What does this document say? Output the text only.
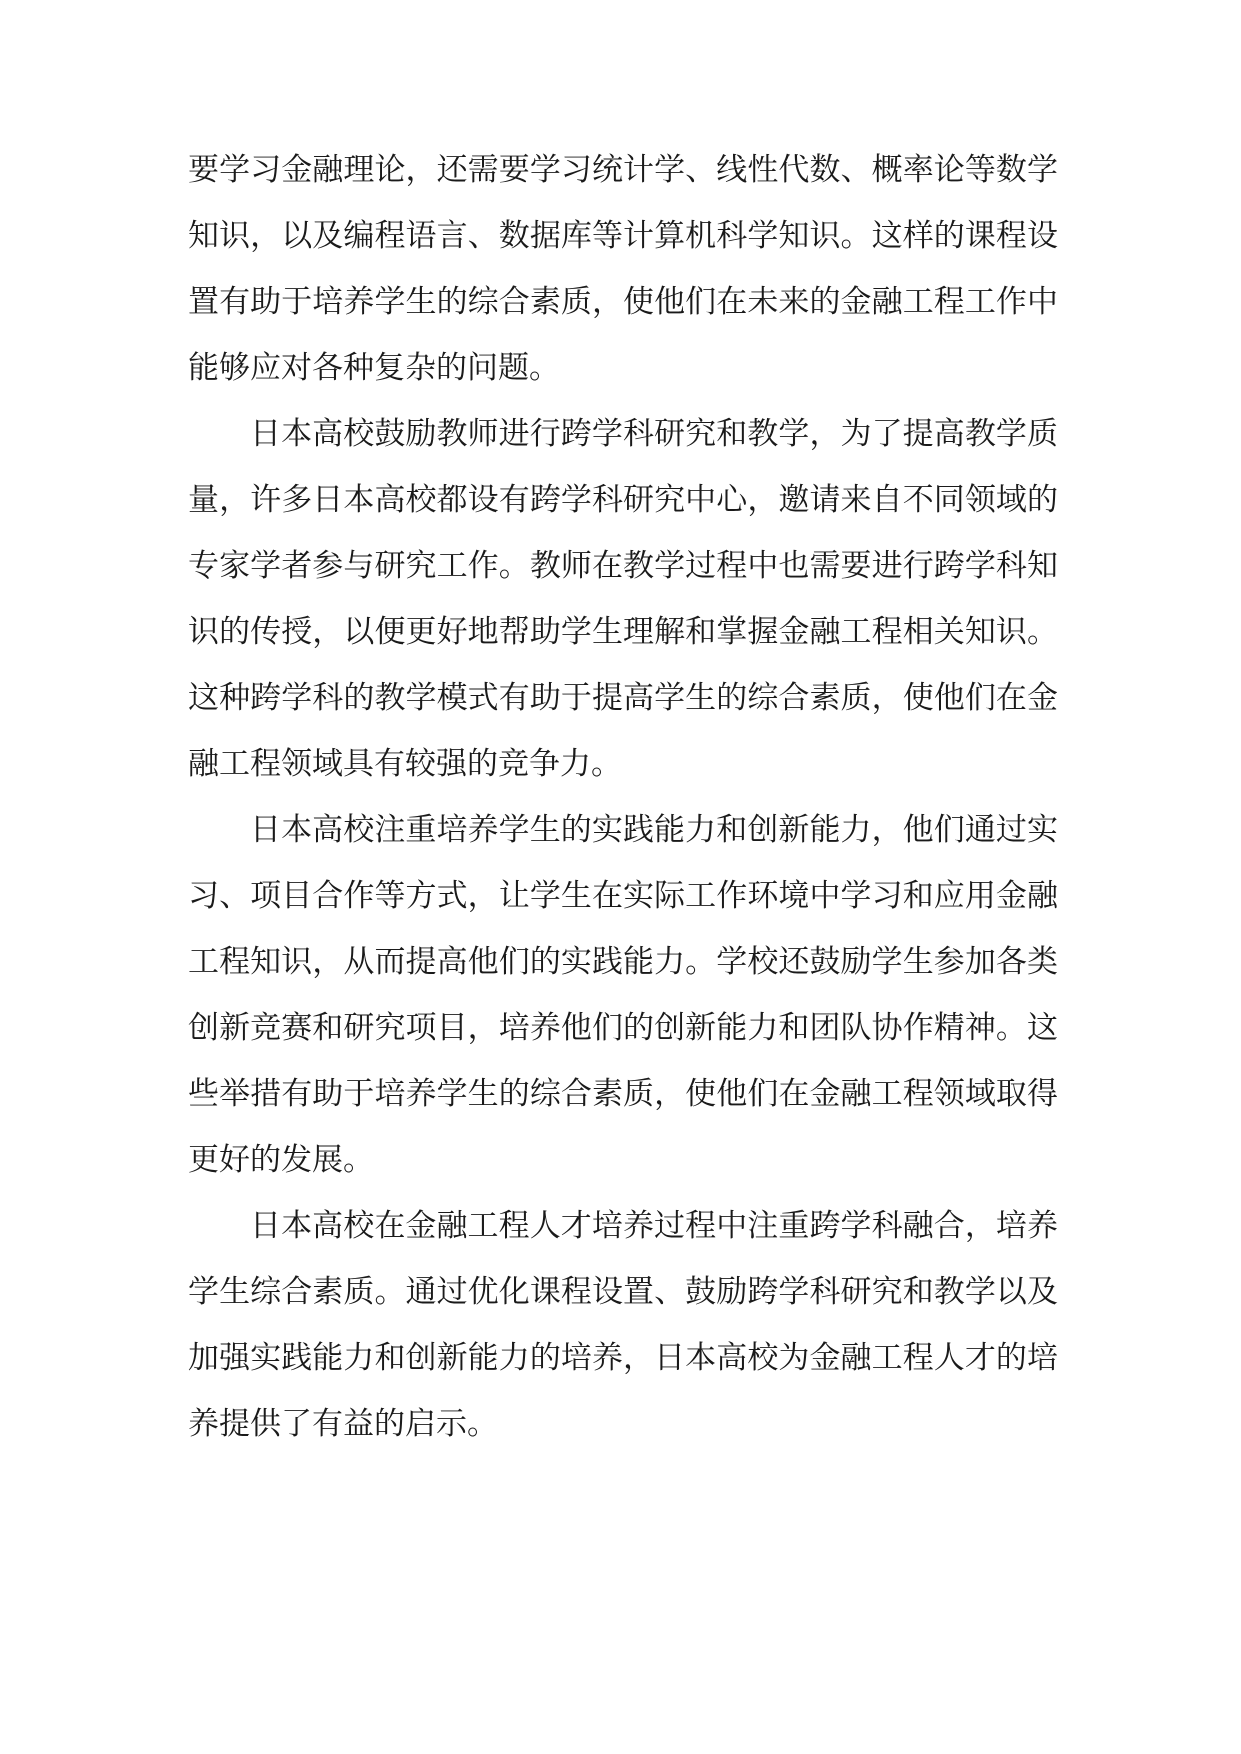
要学习金融理论，还需要学习统计学、线性代数、概率论等数学知识，以及编程语言、数据库等计算机科学知识。这样的课程设置有助于培养学生的综合素质，使他们在未来的金融工程工作中能够应对各种复杂的问题。

日本高校鼓励教师进行跨学科研究和教学，为了提高教学质量，许多日本高校都设有跨学科研究中心，邀请来自不同领域的专家学者参与研究工作。教师在教学过程中也需要进行跨学科知识的传授，以便更好地帮助学生理解和掌握金融工程相关知识。这种跨学科的教学模式有助于提高学生的综合素质，使他们在金融工程领域具有较强的竞争力。

日本高校注重培养学生的实践能力和创新能力，他们通过实习、项目合作等方式，让学生在实际工作环境中学习和应用金融工程知识，从而提高他们的实践能力。学校还鼓励学生参加各类创新竞赛和研究项目，培养他们的创新能力和团队协作精神。这些举措有助于培养学生的综合素质，使他们在金融工程领域取得更好的发展。

日本高校在金融工程人才培养过程中注重跨学科融合，培养学生综合素质。通过优化课程设置、鼓励跨学科研究和教学以及加强实践能力和创新能力的培养，日本高校为金融工程人才的培养提供了有益的启示。
